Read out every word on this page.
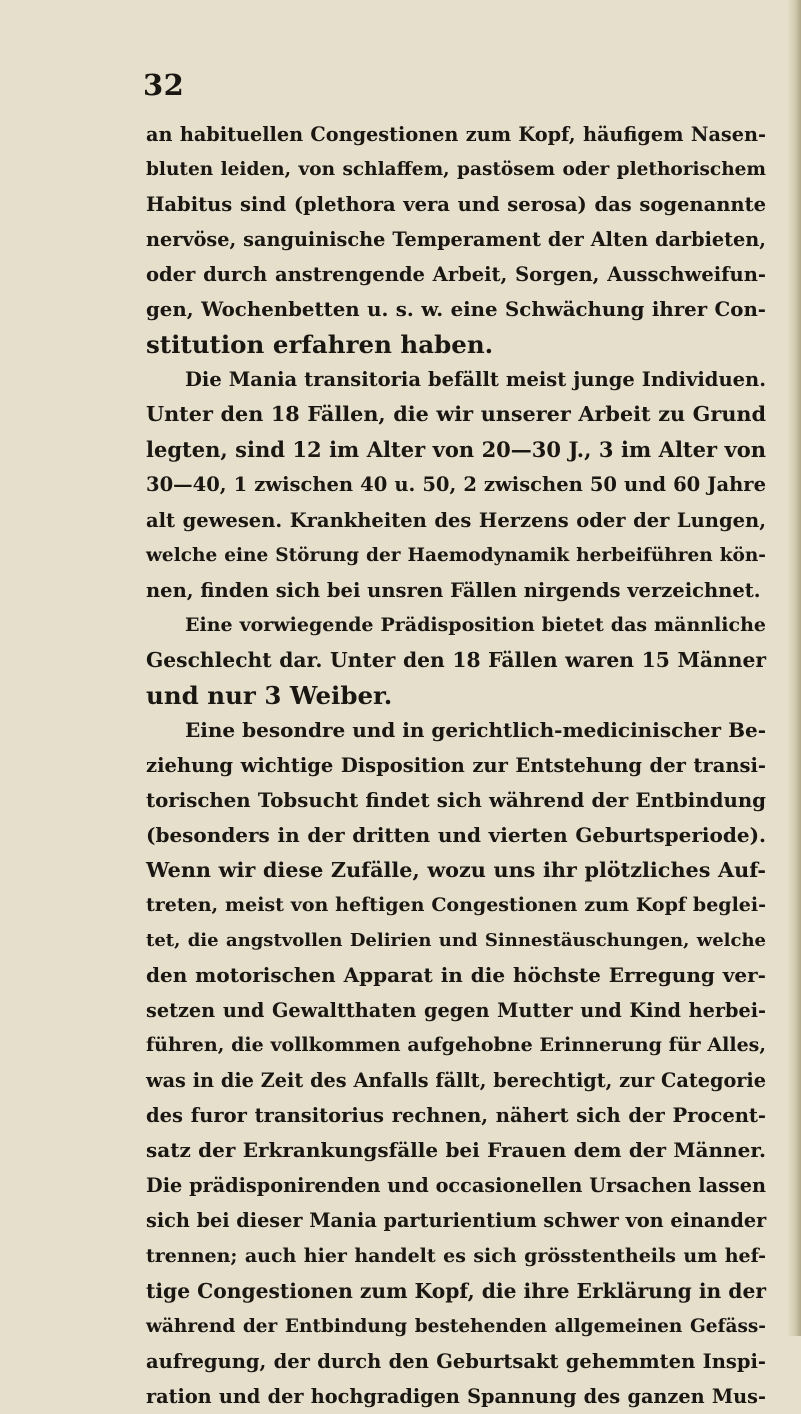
32
an habituellen Congestionen zum Kopf, häufigem Nasen-
bluten leiden, von schlaffem, pastösem oder plethorischem
Habitus sind (plethora vera und serosa) das sogenannte
nervöse, sanguinische Temperament der Alten darbieten,
oder durch anstrengende Arbeit, Sorgen, Ausschweifun-
gen, Wochenbetten u. s. w. eine Schwächung ihrer Con-
stitution erfahren haben.
Die Mania transitoria befällt meist junge Individuen.
Unter den 18 Fällen, die wir unserer Arbeit zu Grund
legten, sind 12 im Alter von 20—30 J., 3 im Alter von
30—40, 1 zwischen 40 u. 50, 2 zwischen 50 und 60 Jahre
alt gewesen. Krankheiten des Herzens oder der Lungen,
welche eine Störung der Haemodynamik herbeiführen kön-
nen, finden sich bei unsren Fällen nirgends verzeichnet.
Eine vorwiegende Prädisposition bietet das männliche
Geschlecht dar. Unter den 18 Fällen waren 15 Männer
und nur 3 Weiber.
Eine besondre und in gerichtlich-medicinischer Be-
ziehung wichtige Disposition zur Entstehung der transi-
torischen Tobsucht findet sich während der Entbindung
(besonders in der dritten und vierten Geburtsperiode).
Wenn wir diese Zufälle, wozu uns ihr plötzliches Auf-
treten, meist von heftigen Congestionen zum Kopf beglei-
tet, die angstvollen Delirien und Sinnestäuschungen, welche
den motorischen Apparat in die höchste Erregung ver-
setzen und Gewaltthaten gegen Mutter und Kind herbei-
führen, die vollkommen aufgehobne Erinnerung für Alles,
was in die Zeit des Anfalls fällt, berechtigt, zur Categorie
des furor transitorius rechnen, nähert sich der Procent-
satz der Erkrankungsfälle bei Frauen dem der Männer.
Die prädisponirenden und occasionellen Ursachen lassen
sich bei dieser Mania parturientium schwer von einander
trennen; auch hier handelt es sich grösstentheils um hef-
tige Congestionen zum Kopf, die ihre Erklärung in der
während der Entbindung bestehenden allgemeinen Gefäss-
aufregung, der durch den Geburtsakt gehemmten Inspi-
ration und der hochgradigen Spannung des ganzen Mus-
